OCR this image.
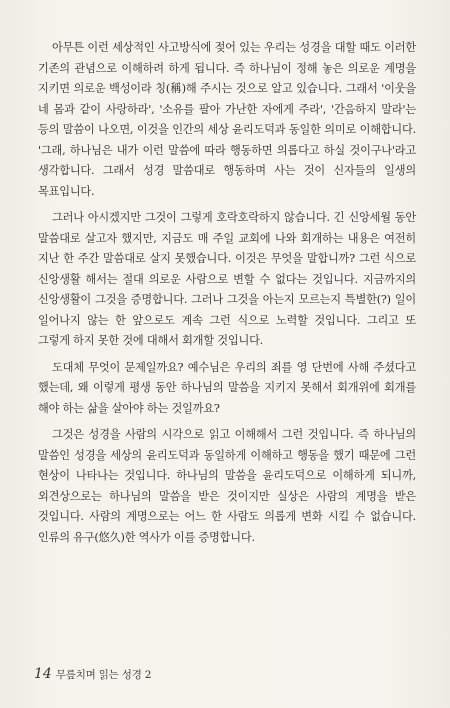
아무튼 이런 세상적인 사고방식에 젖어 있는 우리는 성경을 대할 때도 이러한 기존의 관념으로 이해하려 하게 됩니다. 즉 하나님이 정해 놓은 의로운 계명을 지키면 의로운 백성이라 칭(稱)해 주시는 것으로 알고 있습니다. 그래서 '이웃을 네 몸과 같이 사랑하라', '소유를 팔아 가난한 자에게 주라', '간음하지 말라'는 등의 말씀이 나오면, 이것을 인간의 세상 윤리도덕과 동일한 의미로 이해합니다. '그래, 하나님은 내가 이런 말씀에 따라 행동하면 의롭다고 하실 것이구나'라고 생각합니다. 그래서 성경 말씀대로 행동하며 사는 것이 신자들의 일생의 목표입니다.

그러나 아시겠지만 그것이 그렇게 호락호락하지 않습니다. 긴 신앙세월 동안 말씀대로 살고자 했지만, 지금도 매 주일 교회에 나와 회개하는 내용은 여전히 지난 한 주간 말씀대로 살지 못했습니다. 이것은 무엇을 말합니까? 그런 식으로 신앙생활 해서는 절대 의로운 사람으로 변할 수 없다는 것입니다. 지금까지의 신앙생활이 그것을 증명합니다. 그러나 그것을 아는지 모르는지 특별한(?) 일이 일어나지 않는 한 앞으로도 계속 그런 식으로 노력할 것입니다. 그리고 또 그렇게 하지 못한 것에 대해서 회개할 것입니다.

도대체 무엇이 문제일까요? 예수님은 우리의 죄를 영 단번에 사해 주셨다고 했는데, 왜 이렇게 평생 동안 하나님의 말씀을 지키지 못해서 회개위에 회개를 해야 하는 삶을 살아야 하는 것일까요?

그것은 성경을 사람의 시각으로 읽고 이해해서 그런 것입니다. 즉 하나님의 말씀인 성경을 세상의 윤리도덕과 동일하게 이해하고 행동을 했기 때문에 그런 현상이 나타나는 것입니다. 하나님의 말씀을 윤리도덕으로 이해하게 되니까, 외견상으로는 하나님의 말씀을 받은 것이지만 실상은 사람의 계명을 받은 것입니다. 사람의 계명으로는 어느 한 사람도 의롭게 변화 시킬 수 없습니다. 인류의 유구(悠久)한 역사가 이를 증명합니다.

14 무릎치며 읽는 성경 2
